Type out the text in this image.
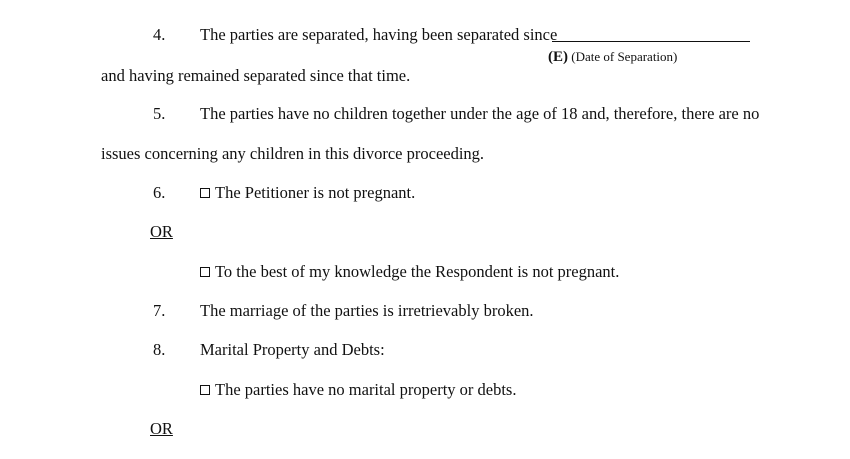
4. The parties are separated, having been separated since
(E) (Date of Separation)
and having remained separated since that time.
5. The parties have no children together under the age of 18 and, therefore, there are no
issues concerning any children in this divorce proceeding.
6.	The Petitioner is not pregnant.
OR
To the best of my knowledge the Respondent is not pregnant.
7. The marriage of the parties is irretrievably broken.
8. Marital Property and Debts:
The parties have no marital property or debts.
OR
